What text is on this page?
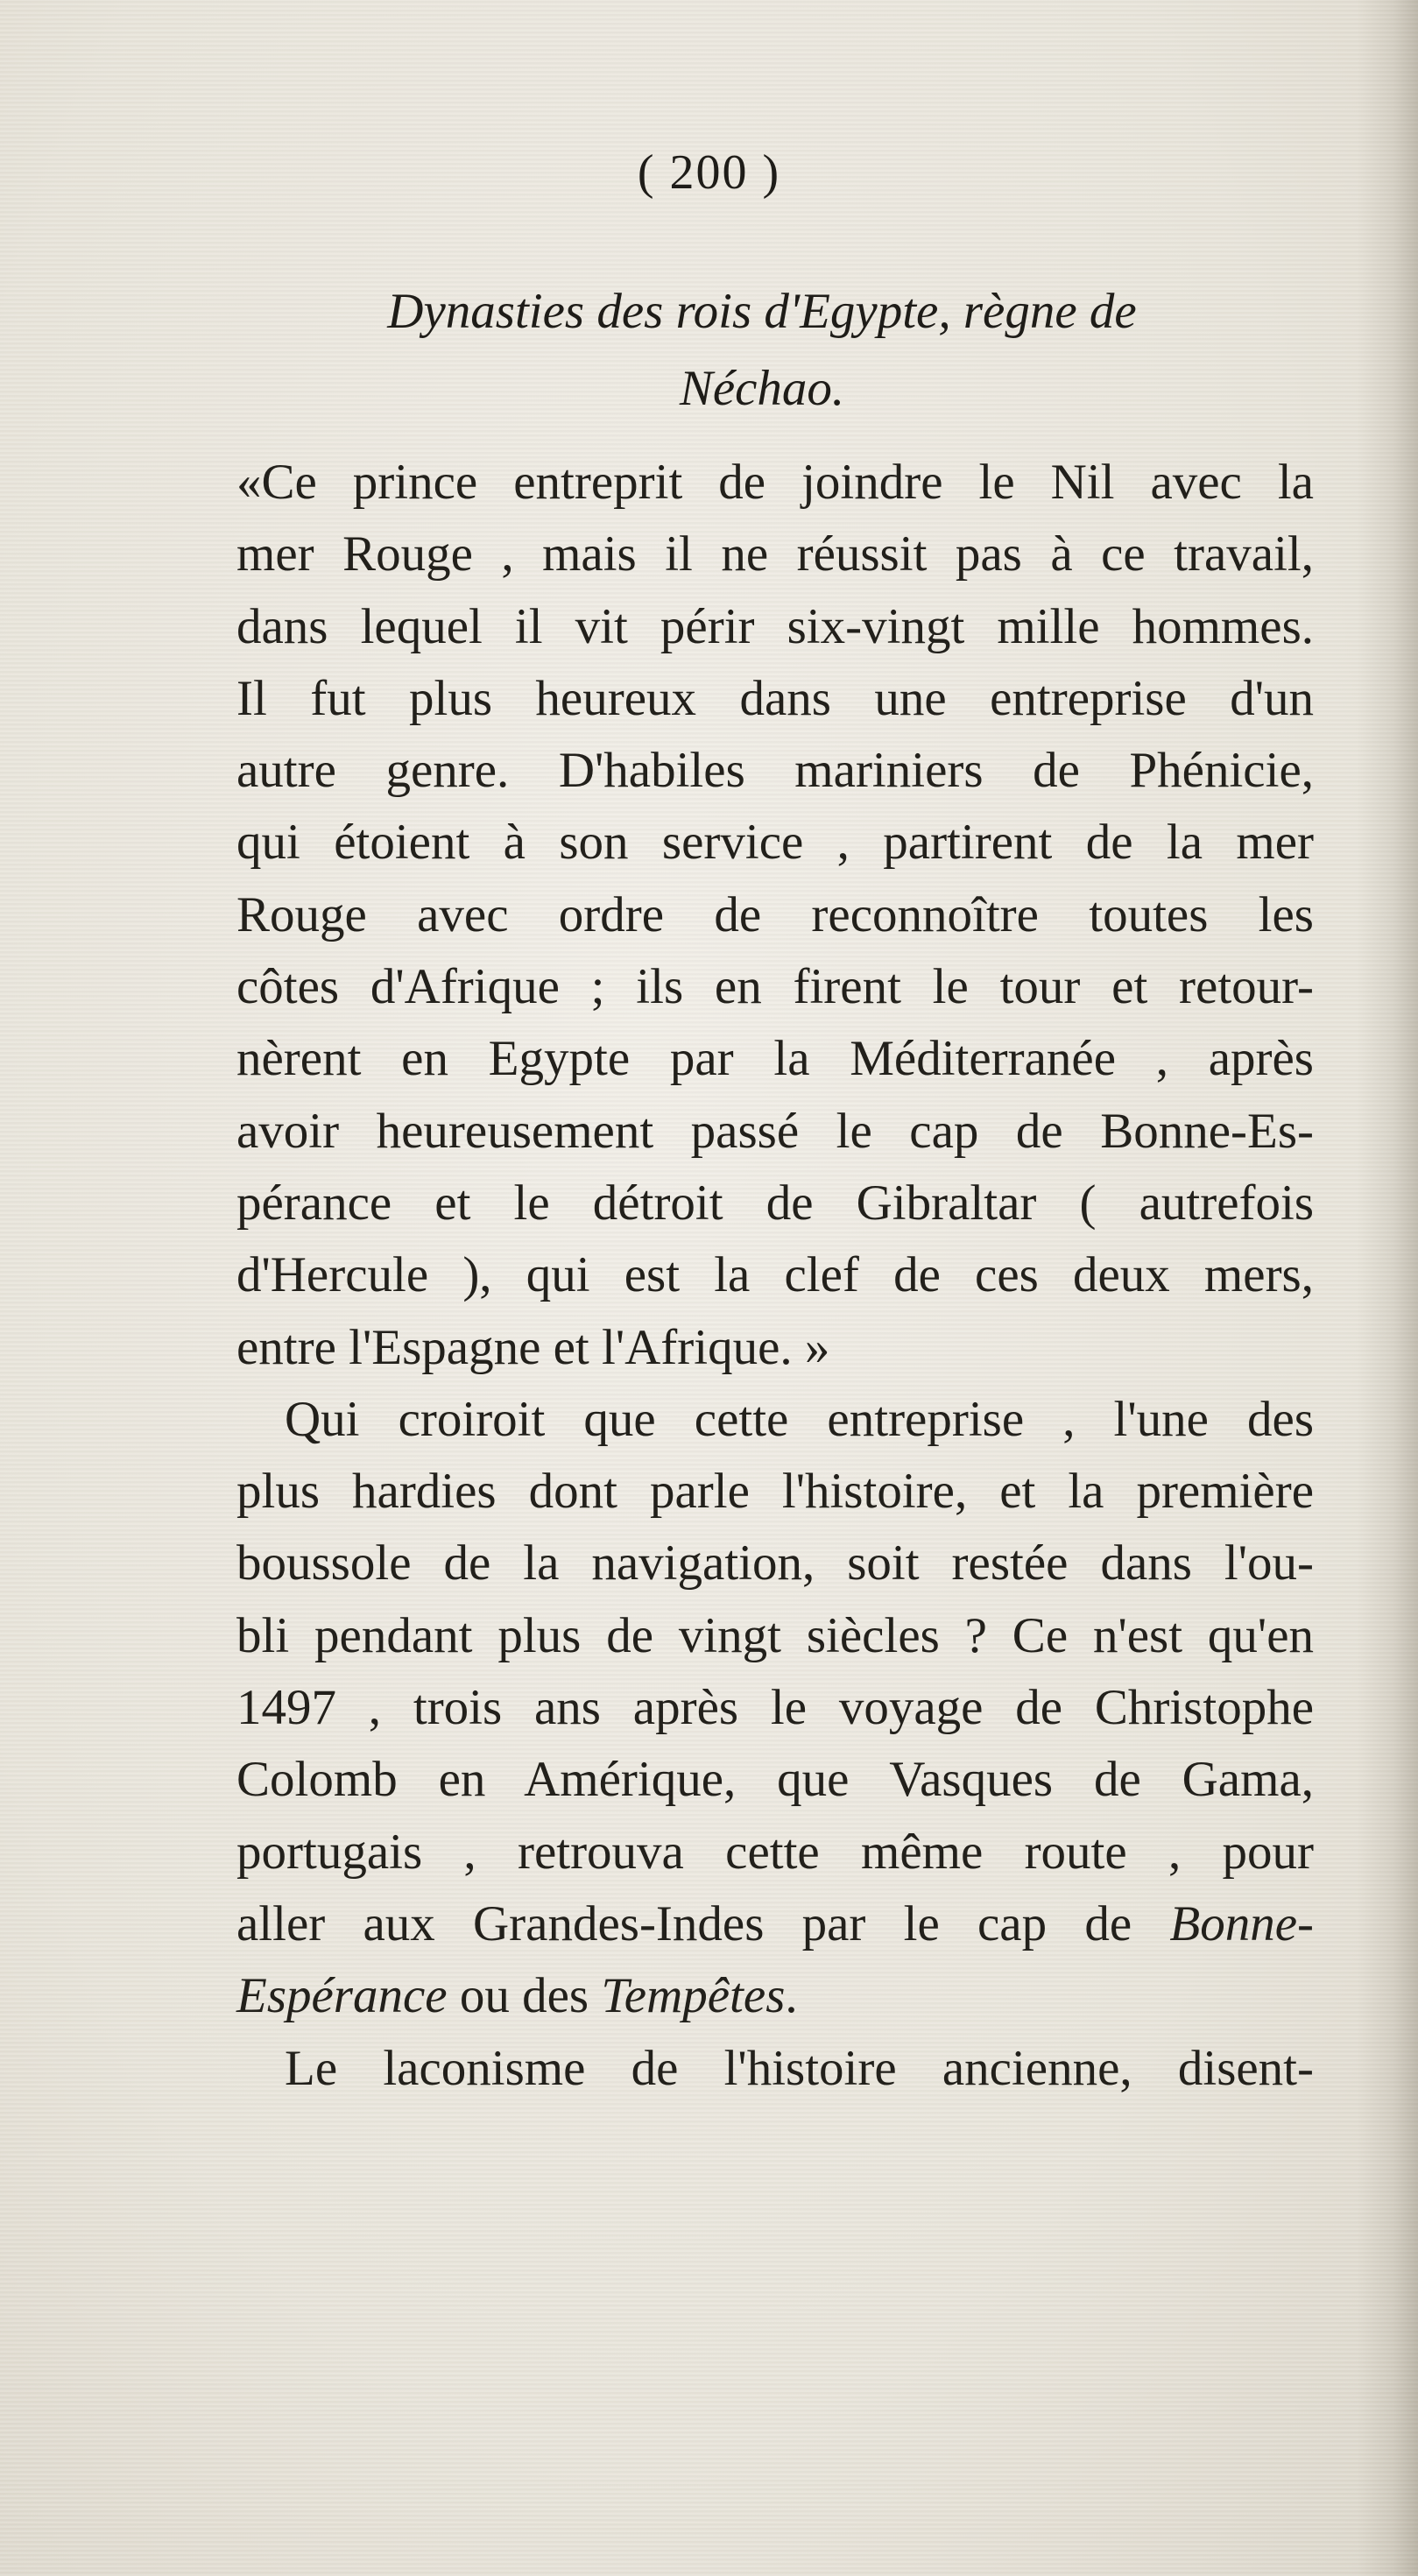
( 200 )
Dynasties des rois d'Egypte, règne de
Néchao.
«Ce prince entreprit de joindre le Nil avec la
mer Rouge , mais il ne réussit pas à ce travail,
dans lequel il vit périr six-vingt mille hommes.
Il fut plus heureux dans une entreprise d'un
autre genre. D'habiles mariniers de Phénicie,
qui étoient à son service , partirent de la mer
Rouge avec ordre de reconnoître toutes les
côtes d'Afrique ; ils en firent le tour et retour-
nèrent en Egypte par la Méditerranée , après
avoir heureusement passé le cap de Bonne-Es-
pérance et le détroit de Gibraltar ( autrefois
d'Hercule ), qui est la clef de ces deux mers,
entre l'Espagne et l'Afrique. »
Qui croiroit que cette entreprise , l'une des
plus hardies dont parle l'histoire, et la première
boussole de la navigation, soit restée dans l'ou-
bli pendant plus de vingt siècles ? Ce n'est qu'en
1497 , trois ans après le voyage de Christophe
Colomb en Amérique, que Vasques de Gama,
portugais , retrouva cette même route , pour
aller aux Grandes-Indes par le cap de Bonne-
Espérance ou des Tempêtes.
Le laconisme de l'histoire ancienne, disent-
